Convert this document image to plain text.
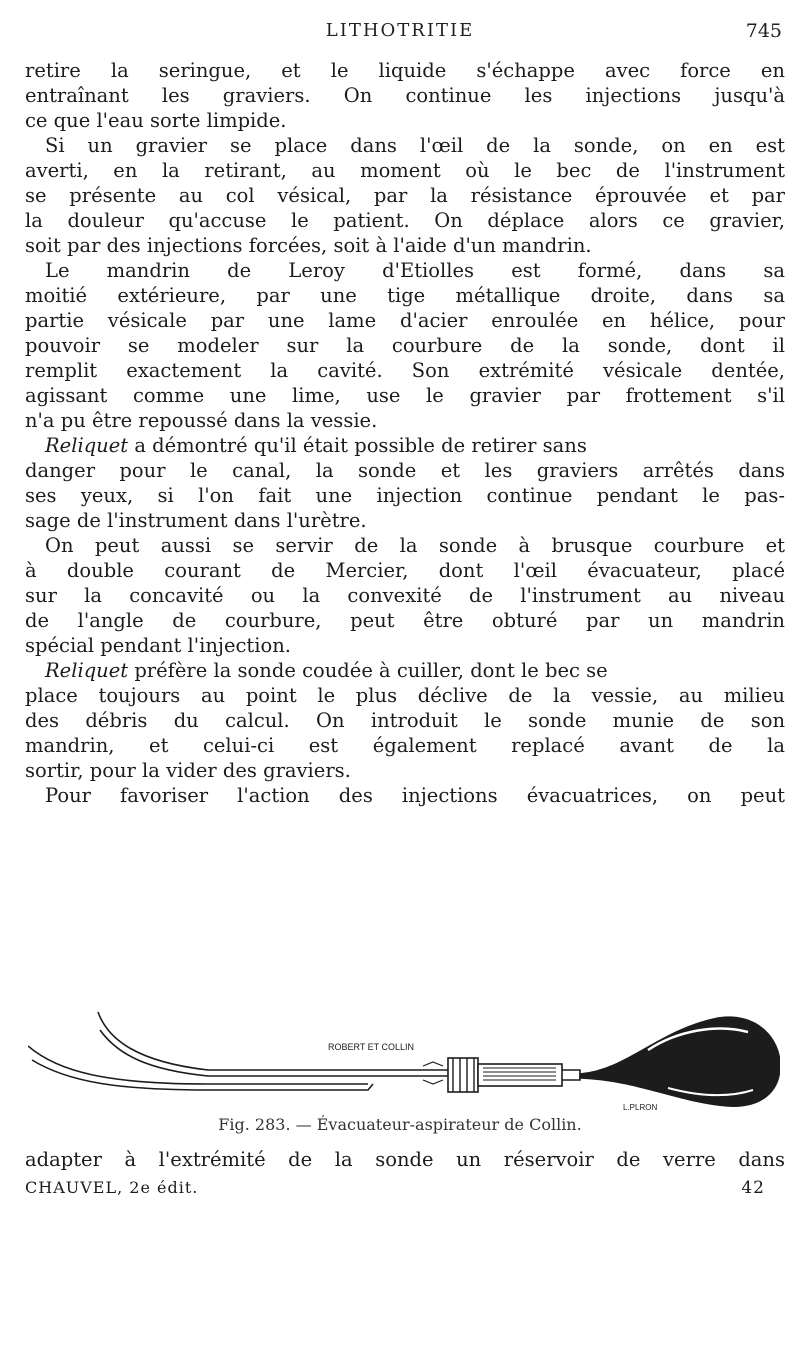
LITHOTRITIE	745
retire la seringue, et le liquide s'échappe avec force en
entraînant les graviers. On continue les injections jusqu'à
ce que l'eau sorte limpide.
Si un gravier se place dans l'œil de la sonde, on en est
averti, en la retirant, au moment où le bec de l'instrument
se présente au col vésical, par la résistance éprouvée et par
la douleur qu'accuse le patient. On déplace alors ce gravier,
soit par des injections forcées, soit à l'aide d'un mandrin.
Le mandrin de Leroy d'Etiolles est formé, dans sa
moitié extérieure, par une tige métallique droite, dans sa
partie vésicale par une lame d'acier enroulée en hélice, pour
pouvoir se modeler sur la courbure de la sonde, dont il
remplit exactement la cavité. Son extrémité vésicale dentée,
agissant comme une lime, use le gravier par frottement s'il
n'a pu être repoussé dans la vessie.
Reliquet a démontré qu'il était possible de retirer sans
danger pour le canal, la sonde et les graviers arrêtés dans
ses yeux, si l'on fait une injection continue pendant le pas-
sage de l'instrument dans l'urètre.
On peut aussi se servir de la sonde à brusque courbure et
à double courant de Mercier, dont l'œil évacuateur, placé
sur la concavité ou la convexité de l'instrument au niveau
de l'angle de courbure, peut être obturé par un mandrin
spécial pendant l'injection.
Reliquet préfère la sonde coudée à cuiller, dont le bec se
place toujours au point le plus déclive de la vessie, au milieu
des débris du calcul. On introduit le sonde munie de son
mandrin, et celui-ci est également replacé avant de la
sortir, pour la vider des graviers.
Pour favoriser l'action des injections évacuatrices, on peut
ROBERT ET COLLIN
L.PLRON
Fig. 283. — Évacuateur-aspirateur de Collin.
adapter à l'extrémité de la sonde un réservoir de verre dans
CHAUVEL, 2e édit.	42
